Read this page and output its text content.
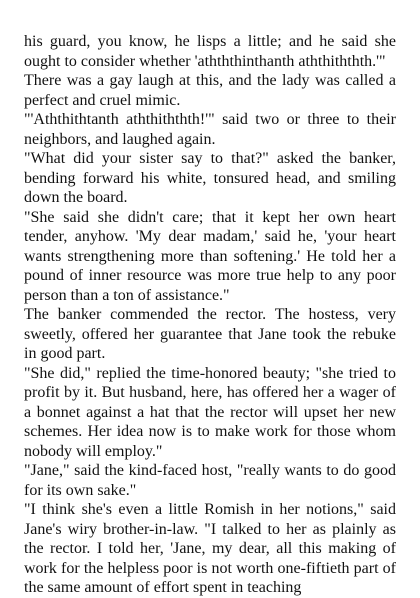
his guard, you know, he lisps a little; and he said she ought to consider whether 'athththinthanth aththiththth.'"

There was a gay laugh at this, and the lady was called a perfect and cruel mimic.

"'Aththithtanth aththiththth!'" said two or three to their neighbors, and laughed again.

"What did your sister say to that?" asked the banker, bending forward his white, tonsured head, and smiling down the board.

"She said she didn't care; that it kept her own heart tender, anyhow. 'My dear madam,' said he, 'your heart wants strengthening more than softening.' He told her a pound of inner resource was more true help to any poor person than a ton of assistance."

The banker commended the rector. The hostess, very sweetly, offered her guarantee that Jane took the rebuke in good part.

"She did," replied the time-honored beauty; "she tried to profit by it. But husband, here, has offered her a wager of a bonnet against a hat that the rector will upset her new schemes. Her idea now is to make work for those whom nobody will employ."

"Jane," said the kind-faced host, "really wants to do good for its own sake."

"I think she's even a little Romish in her notions," said Jane's wiry brother-in-law. "I talked to her as plainly as the rector. I told her, 'Jane, my dear, all this making of work for the helpless poor is not worth one-fiftieth part of the same amount of effort spent in teaching
